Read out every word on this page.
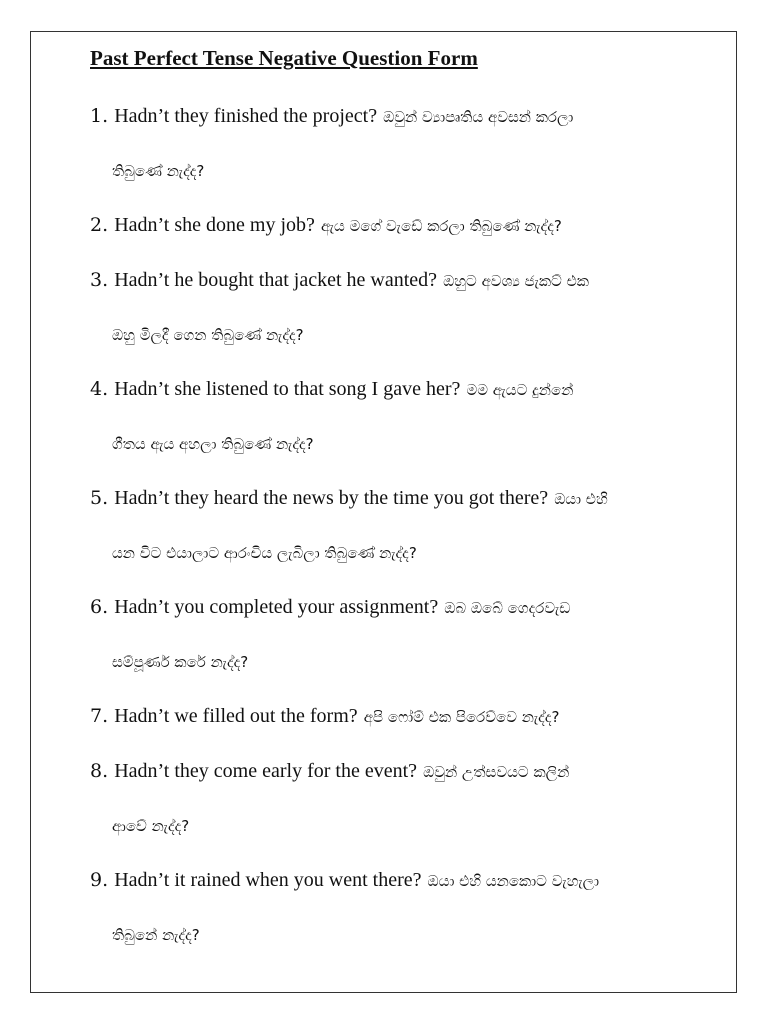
Past Perfect Tense Negative Question Form
1. Hadn’t they finished the project? ඔවුන් ව්‍යාපෘතිය අවසන් කරලා
තිබුණේ නැද්ද?
2. Hadn’t she done my job? ඇය මගේ වැඩේ කරලා තිබුණේ නැද්ද?
3. Hadn’t he bought that jacket he wanted? ඔහුට අවශ්‍ය ජැකට් එක
ඔහු මිලදී ගෙන තිබුණේ නැද්ද?
4. Hadn’t she listened to that song I gave her? මම ඇයට දුන්නේ
ගීතය ඇය අහලා තිබුණේ නැද්ද?
5. Hadn’t they heard the news by the time you got there? ඔයා එහි
යන විට එයාලාට ආරංචිය ලැබිලා තිබුණේ නැද්ද?
6. Hadn’t you completed your assignment? ඔබ ඔබේ ගෙදරවැඩ
සම්පූර්ණ කරේ නැද්ද?
7. Hadn’t we filled out the form? අපි ෆෝම් එක පිරෙව්වෙ නැද්ද?
8. Hadn’t they come early for the event? ඔවුන් උත්සවයට කලින්
ආවේ නැද්ද?
9. Hadn’t it rained when you went there? ඔයා එහි යනකොට වැහැලා
තිබුනේ නැද්ද?
